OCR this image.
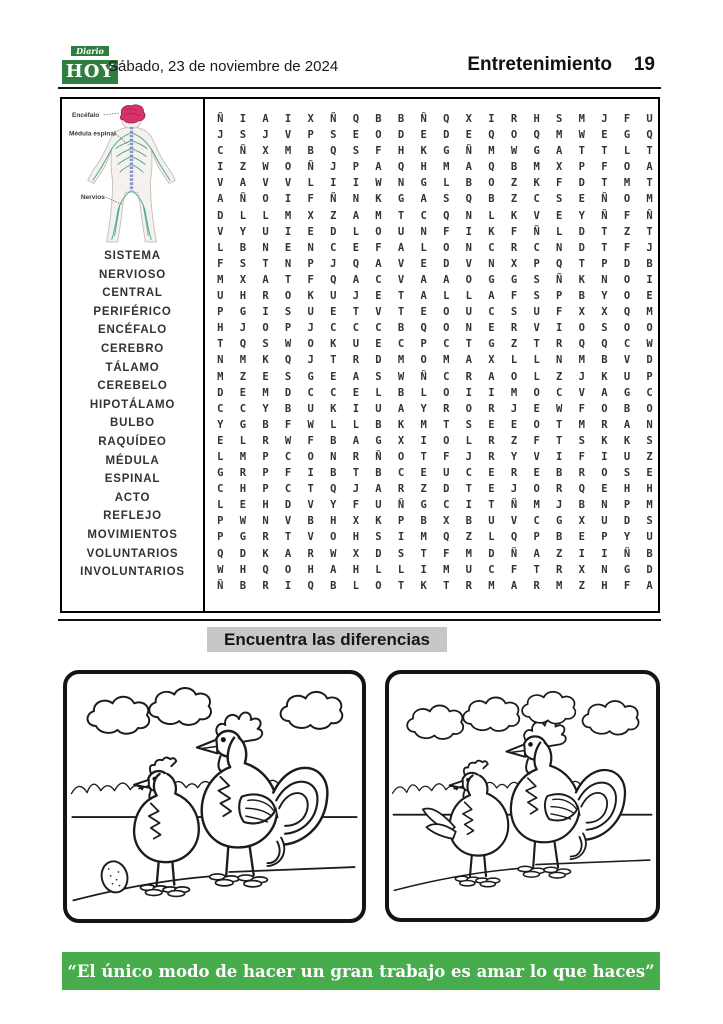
Diario
HOY
Sábado, 23 de noviembre de 2024	Entretenimiento 19
Encéfalo
Médula espinal
Nervios
SISTEMA
NERVIOSO
CENTRAL
PERIFÉRICO
ENCÉFALO
CEREBRO
TÁLAMO
CEREBELO
HIPOTÁLAMO
BULBO
RAQUÍDEO
MÉDULA
ESPINAL
ACTO
REFLEJO
MOVIMIENTOS
VOLUNTARIOS
INVOLUNTARIOS
Ñ	I	A	I	X	Ñ	Q	B	B	Ñ	Q	X	I	R	H	S	M	J	F	U
J	S	J	V	P	S	E	O	D	E	D	E	Q	O	Q	M	W	E	G	Q
C	Ñ	X	M	B	Q	S	F	H	K	G	Ñ	M	W	G	A	T	T	L	T
I	Z	W	O	Ñ	J	P	A	Q	H	M	A	Q	B	M	X	P	F	O	A
V	A	V	V	L	I	I	W	N	G	L	B	O	Z	K	F	D	T	M	T
A	Ñ	O	I	F	Ñ	N	K	G	A	S	Q	B	Z	C	S	E	Ñ	O	M
D	L	L	M	X	Z	A	M	T	C	Q	N	L	K	V	E	Y	Ñ	F	Ñ
V	Y	U	I	E	D	L	O	U	N	F	I	K	F	Ñ	L	D	T	Z	T
L	B	N	E	N	C	E	F	A	L	O	N	C	R	C	N	D	T	F	J
F	S	T	N	P	J	Q	A	V	E	D	V	N	X	P	Q	T	P	D	B
M	X	A	T	F	Q	A	C	V	A	A	O	G	G	S	Ñ	K	N	O	I
U	H	R	O	K	U	J	E	T	A	L	L	A	F	S	P	B	Y	O	E
P	G	I	S	U	E	T	V	T	E	O	U	C	S	U	F	X	X	Q	M
H	J	O	P	J	C	C	C	B	Q	O	N	E	R	V	I	O	S	O	O
T	Q	S	W	O	K	U	E	C	P	C	T	G	Z	T	R	Q	Q	C	W
N	M	K	Q	J	T	R	D	M	O	M	A	X	L	L	N	M	B	V	D
M	Z	E	S	G	E	A	S	W	Ñ	C	R	A	O	L	Z	J	K	U	P
D	E	M	D	C	C	E	L	B	L	O	I	I	M	O	C	V	A	G	C
C	C	Y	B	U	K	I	U	A	Y	R	O	R	J	E	W	F	O	B	O
Y	G	B	F	W	L	L	B	K	M	T	S	E	E	O	T	M	R	A	N
E	L	R	W	F	B	A	G	X	I	O	L	R	Z	F	T	S	K	K	S
L	M	P	C	O	N	R	Ñ	O	T	F	J	R	Y	V	I	F	I	U	Z
G	R	P	F	I	B	T	B	C	E	U	C	E	R	E	B	R	O	S	E
C	H	P	C	T	Q	J	A	R	Z	D	T	E	J	O	R	Q	E	H	H
L	E	H	D	V	Y	F	U	Ñ	G	C	I	T	Ñ	M	J	B	N	P	M
P	W	N	V	B	H	X	K	P	B	X	B	U	V	C	G	X	U	D	S
P	G	R	T	V	O	H	S	I	M	Q	Z	L	Q	P	B	E	P	Y	U
Q	D	K	A	R	W	X	D	S	T	F	M	D	Ñ	A	Z	I	I	Ñ	B
W	H	Q	O	H	A	H	L	L	I	M	U	C	F	T	R	X	N	G	D
Ñ	B	R	I	Q	B	L	O	T	K	T	R	M	A	R	M	Z	H	F	A
Encuentra las diferencias
“El único modo de hacer un gran trabajo es amar lo que haces”
